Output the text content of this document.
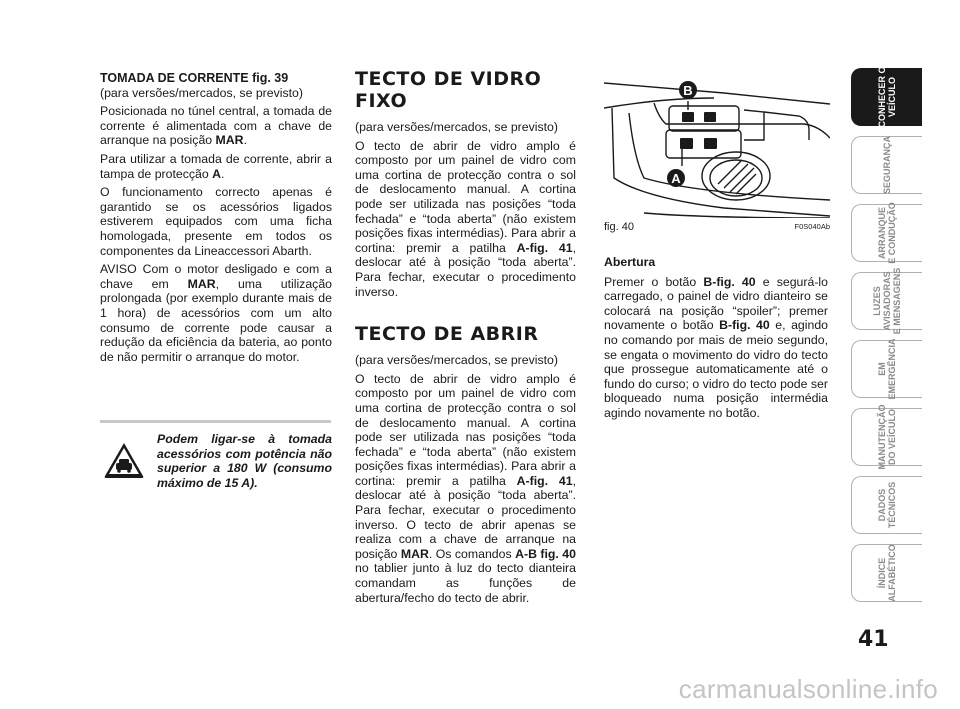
TOMADA DE CORRENTE fig. 39

(para versões/mercados, se previsto)

Posicionada no túnel central, a tomada de corrente é alimentada com a chave de arranque na posição MAR.

Para utilizar a tomada de corrente, abrir a tampa de protecção A.

O funcionamento correcto apenas é garantido se os acessórios ligados estiverem equipados com uma ficha homologada, presente em todos os componentes da Lineaccessori Abarth.

AVISO Com o motor desligado e com a chave em MAR, uma utilização prolongada (por exemplo durante mais de 1 hora) de acessórios com um alto consumo de corrente pode causar a redução da eficiência da bateria, ao ponto de não permitir o arranque do motor.

Podem ligar-se à tomada acessórios com potência não superior a 180 W (consumo máximo de 15 A).
TECTO DE VIDRO FIXO

(para versões/mercados, se previsto)

O tecto de abrir de vidro amplo é composto por um painel de vidro com uma cortina de protecção contra o sol de deslocamento manual. A cortina pode ser utilizada nas posições “toda fechada” e “toda aberta” (não existem posições fixas intermédias). Para abrir a cortina: premir a patilha A-fig. 41, deslocar até à posição “toda aberta”. Para fechar, executar o procedimento inverso.

TECTO DE ABRIR

(para versões/mercados, se previsto)

O tecto de abrir de vidro amplo é composto por um painel de vidro com uma cortina de protecção contra o sol de deslocamento manual. A cortina pode ser utilizada nas posições “toda fechada” e “toda aberta” (não existem posições fixas intermédias). Para abrir a cortina: premir a patilha A-fig. 41, deslocar até à posição “toda aberta”. Para fechar, executar o procedimento inverso. O tecto de abrir apenas se realiza com a chave de arranque na posição MAR. Os comandos A-B fig. 40 no tablier junto à luz do tecto dianteira comandam as funções de abertura/fecho do tecto de abrir.

B
A
fig. 40	F0S040Ab

Abertura

Premer o botão B-fig. 40 e segurá-lo carregado, o painel de vidro dianteiro se colocará na posição “spoiler”; premer novamente o botão B-fig. 40 e, agindo no comando por mais de meio segundo, se engata o movimento do vidro do tecto que prossegue automaticamente até o fundo do curso; o vidro do tecto pode ser bloqueado numa posição intermédia agindo novamente no botão.

CONHECER O
VEÍCULO
SEGURANÇA
ARRANQUE
E CONDUÇÃO
LUZES
AVISADORAS
E MENSAGENS
EM
EMERGÊNCIA
MANUTENÇÃO
DO VEÍCULO
DADOS
TÉCNICOS
ÍNDICE
ALFABÉTICO
41
carmanualsonline.info
